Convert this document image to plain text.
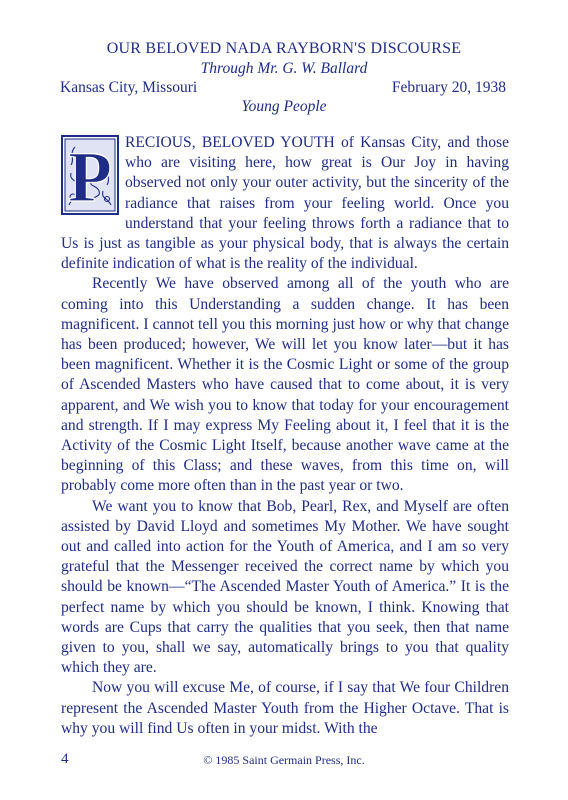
OUR BELOVED NADA RAYBORN'S DISCOURSE
Through Mr. G. W. Ballard
Kansas City, Missouri	February 20, 1938
Young People

P RECIOUS, BELOVED YOUTH of Kansas City, and those who are visiting here, how great is Our Joy in having observed not only your outer activity, but the sincerity of the radiance that raises from your feeling world. Once you understand that your feeling throws forth a radiance that to Us is just as tangible as your physical body, that is always the certain definite indication of what is the reality of the individual.

Recently We have observed among all of the youth who are coming into this Understanding a sudden change. It has been magnificent. I cannot tell you this morning just how or why that change has been produced; however, We will let you know later—but it has been magnificent. Whether it is the Cosmic Light or some of the group of Ascended Masters who have caused that to come about, it is very apparent, and We wish you to know that today for your encouragement and strength. If I may express My Feeling about it, I feel that it is the Activity of the Cosmic Light Itself, because another wave came at the beginning of this Class; and these waves, from this time on, will probably come more often than in the past year or two.

We want you to know that Bob, Pearl, Rex, and Myself are often assisted by David Lloyd and sometimes My Mother. We have sought out and called into action for the Youth of America, and I am so very grateful that the Messenger received the correct name by which you should be known—“The Ascended Master Youth of America.” It is the perfect name by which you should be known, I think. Knowing that words are Cups that carry the qualities that you seek, then that name given to you, shall we say, automatically brings to you that quality which they are.

Now you will excuse Me, of course, if I say that We four Children represent the Ascended Master Youth from the Higher Octave. That is why you will find Us often in your midst. With the

4	© 1985 Saint Germain Press, Inc.
